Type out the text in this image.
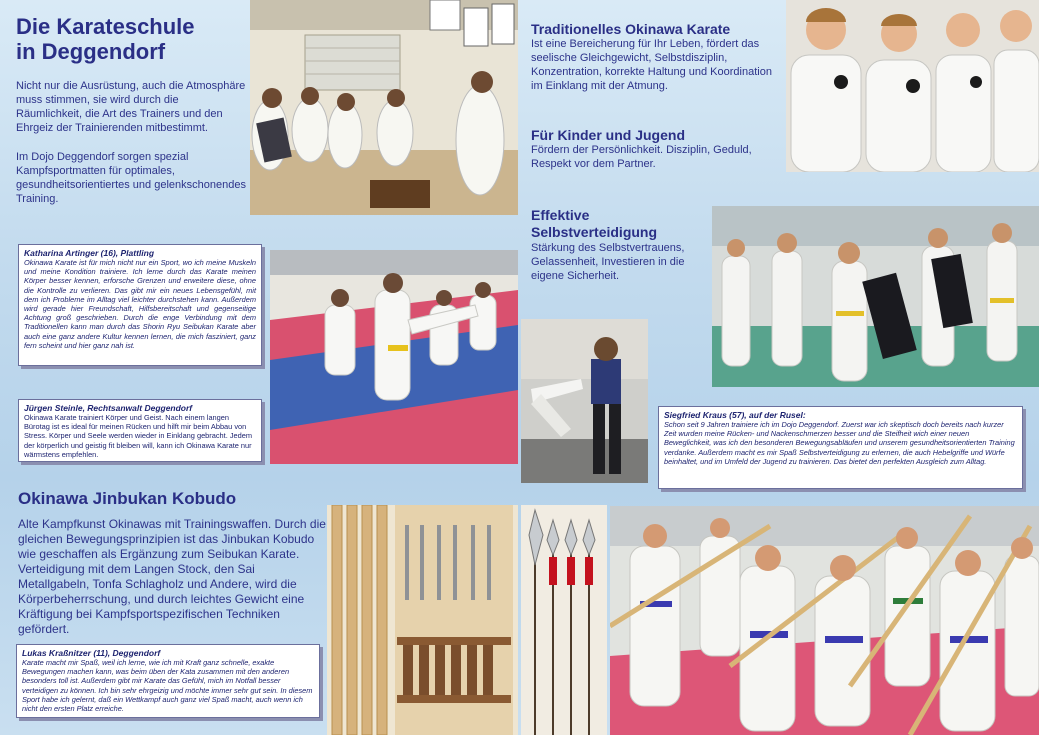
Die Karateschule
in Deggendorf
Nicht nur die Ausrüstung, auch die Atmosphäre muss stimmen, sie wird durch die Räumlichkeit, die Art des Trainers und den Ehrgeiz der Trainierenden mitbestimmt.
Im Dojo Deggendorf sorgen spezial Kampfsportmatten für optimales, gesundheitsorientiertes und gelenkschonendes Training.
Katharina Artinger (16), Plattling
Okinawa Karate ist für mich nicht nur ein Sport, wo ich meine Muskeln und meine Kondition trainiere. Ich lerne durch das Karate meinen Körper besser kennen, erforsche Grenzen und erweitere diese, ohne die Kontrolle zu verlieren. Das gibt mir ein neues Lebensgefühl, mit dem ich Probleme im Alltag viel leichter durchstehen kann. Außerdem wird gerade hier Freundschaft, Hilfsbereitschaft und gegenseitige Achtung groß geschrieben. Durch die enge Verbindung mit dem Traditionellen kann man durch das Shorin Ryu Seibukan Karate aber auch eine ganz andere Kultur kennen lernen, die mich fasziniert, ganz fern scheint und hier ganz nah ist.
Jürgen Steinle, Rechtsanwalt Deggendorf
Okinawa Karate trainiert Körper und Geist. Nach einem langen Bürotag ist es ideal für meinen Rücken und hilft mir beim Abbau von Stress. Körper und Seele werden wieder in Einklang gebracht. Jedem der körperlich und geistig fit bleiben will, kann ich Okinawa Karate nur wärmstens empfehlen.
Okinawa Jinbukan Kobudo
Alte Kampfkunst Okinawas mit Trainingswaffen. Durch die gleichen Bewegungsprinzipien ist das Jinbukan Kobudo wie geschaffen als Ergänzung zum Seibukan Karate. Verteidigung mit dem Langen Stock, den Sai Metallgabeln, Tonfa Schlagholz und Andere, wird die Körperbeherrschung, und durch leichtes Gewicht eine Kräftigung bei Kampfsportspezifischen Techniken gefördert.
Lukas Kraßnitzer (11), Deggendorf
Karate macht mir Spaß, weil ich lerne, wie ich mit Kraft ganz schnelle, exakte Bewegungen machen kann, was beim üben der Kata zusammen mit den anderen besonders toll ist. Außerdem gibt mir Karate das Gefühl, mich im Notfall besser verteidigen zu können. Ich bin sehr ehrgeizig und möchte immer sehr gut sein. In diesem Sport habe ich gelernt, daß ein Wettkampf auch ganz viel Spaß macht, auch wenn ich nicht den ersten Platz erreiche.
Traditionelles Okinawa Karate
Ist eine Bereicherung für Ihr Leben, fördert das seelische Gleichgewicht, Selbstdisziplin, Konzentration, korrekte Haltung und Koordination im Einklang mit der Atmung.
Für Kinder und Jugend
Fördern der Persönlichkeit. Disziplin, Geduld, Respekt vor dem Partner.
Effektive
Selbstverteidigung
Stärkung des Selbstvertrauens, Gelassenheit, Investieren in die eigene Sicherheit.
Siegfried Kraus (57), auf der Rusel:
Schon seit 9 Jahren trainiere ich im Dojo Deggendorf. Zuerst war ich skeptisch doch bereits nach kurzer Zeit wurden meine Rücken- und Nackenschmerzen besser und die Steifheit wich einer neuen Beweglichkeit, was ich den besonderen Bewegungsabläufen und unserem gesundheitsorientierten Training verdanke. Außerdem macht es mir Spaß Selbstverteidigung zu erlernen, die auch Hebelgriffe und Würfe beinhaltet, und im Umfeld der Jugend zu trainieren. Das bietet den perfekten Ausgleich zum Alltag.
